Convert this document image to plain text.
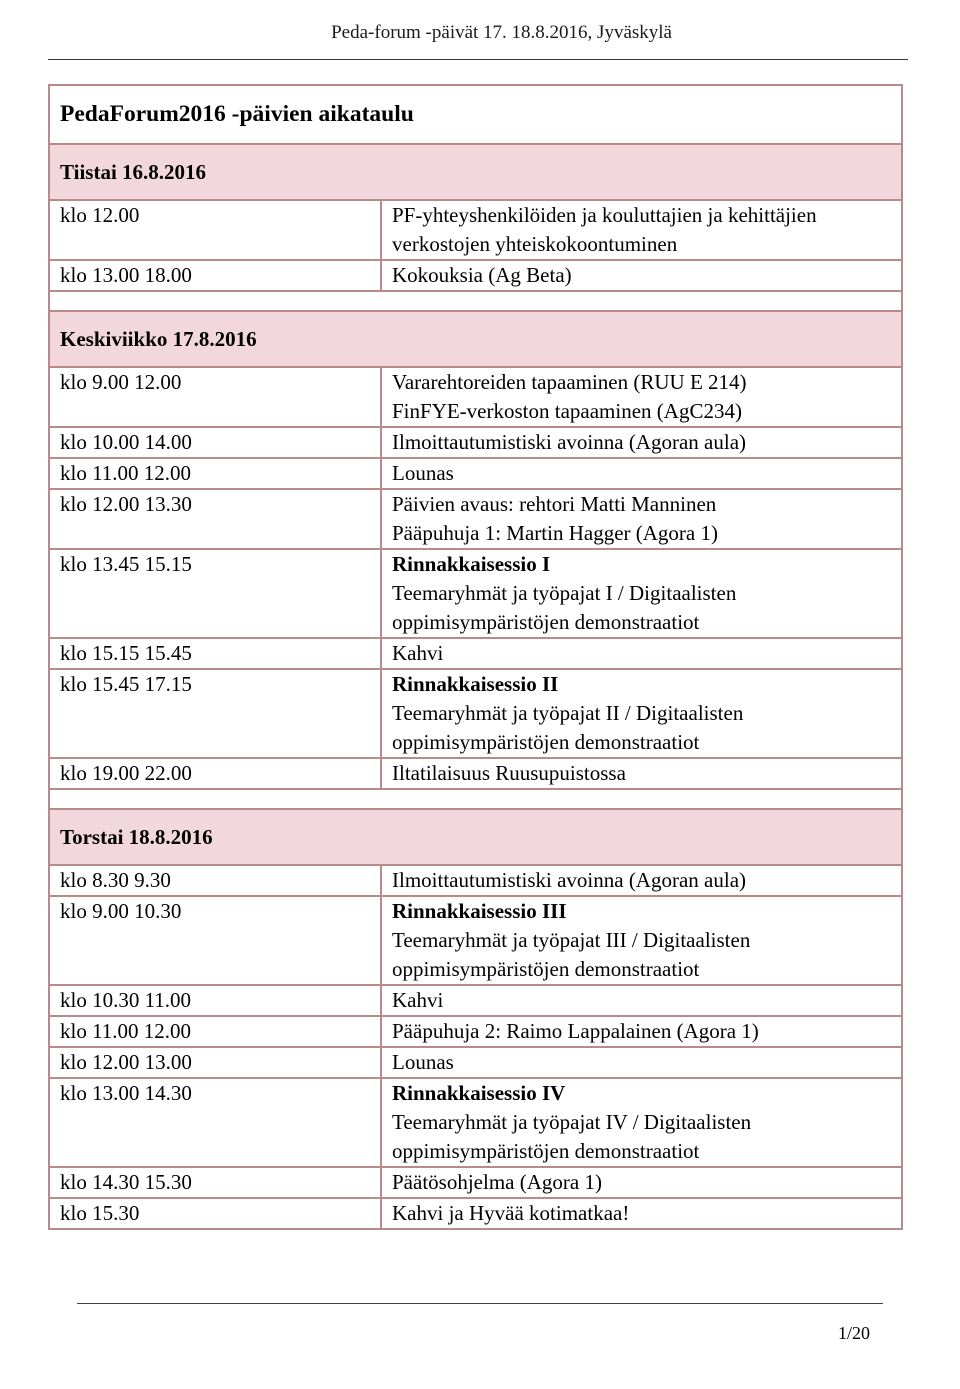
Peda-forum -päivät 17. 18.8.2016, Jyväskylä
PedaForum2016 -päivien aikataulu	
Tiistai 16.8.2016	
klo 12.00	PF-yhteyshenkilöiden ja kouluttajien ja kehittäjien
verkostojen yhteiskokoontuminen

klo 13.00 18.00	Kokouksia (Ag Beta)

Keskiviikko 17.8.2016	
klo 9.00 12.00	Vararehtoreiden tapaaminen (RUU E 214)
FinFYE-verkoston tapaaminen (AgC234)

klo 10.00 14.00	Ilmoittautumistiski avoinna (Agoran aula)

klo 11.00 12.00	Lounas

klo 12.00 13.30	Päivien avaus: rehtori Matti Manninen
Pääpuhuja 1: Martin Hagger (Agora 1)

klo 13.45 15.15	Rinnakkaisessio I
Teemaryhmät ja työpajat I / Digitaalisten
oppimisympäristöjen demonstraatiot

klo 15.15 15.45	Kahvi

klo 15.45 17.15	Rinnakkaisessio II
Teemaryhmät ja työpajat II / Digitaalisten
oppimisympäristöjen demonstraatiot

klo 19.00 22.00	Iltatilaisuus Ruusupuistossa

Torstai 18.8.2016	
klo 8.30 9.30	Ilmoittautumistiski avoinna (Agoran aula)

klo 9.00 10.30	Rinnakkaisessio III
Teemaryhmät ja työpajat III / Digitaalisten
oppimisympäristöjen demonstraatiot

klo 10.30 11.00	Kahvi

klo 11.00 12.00	Pääpuhuja 2: Raimo Lappalainen (Agora 1)

klo 12.00 13.00	Lounas

klo 13.00 14.30	Rinnakkaisessio IV
Teemaryhmät ja työpajat IV / Digitaalisten
oppimisympäristöjen demonstraatiot

klo 14.30 15.30	Päätösohjelma (Agora 1)

klo 15.30	Kahvi ja Hyvää kotimatkaa!
1/20
